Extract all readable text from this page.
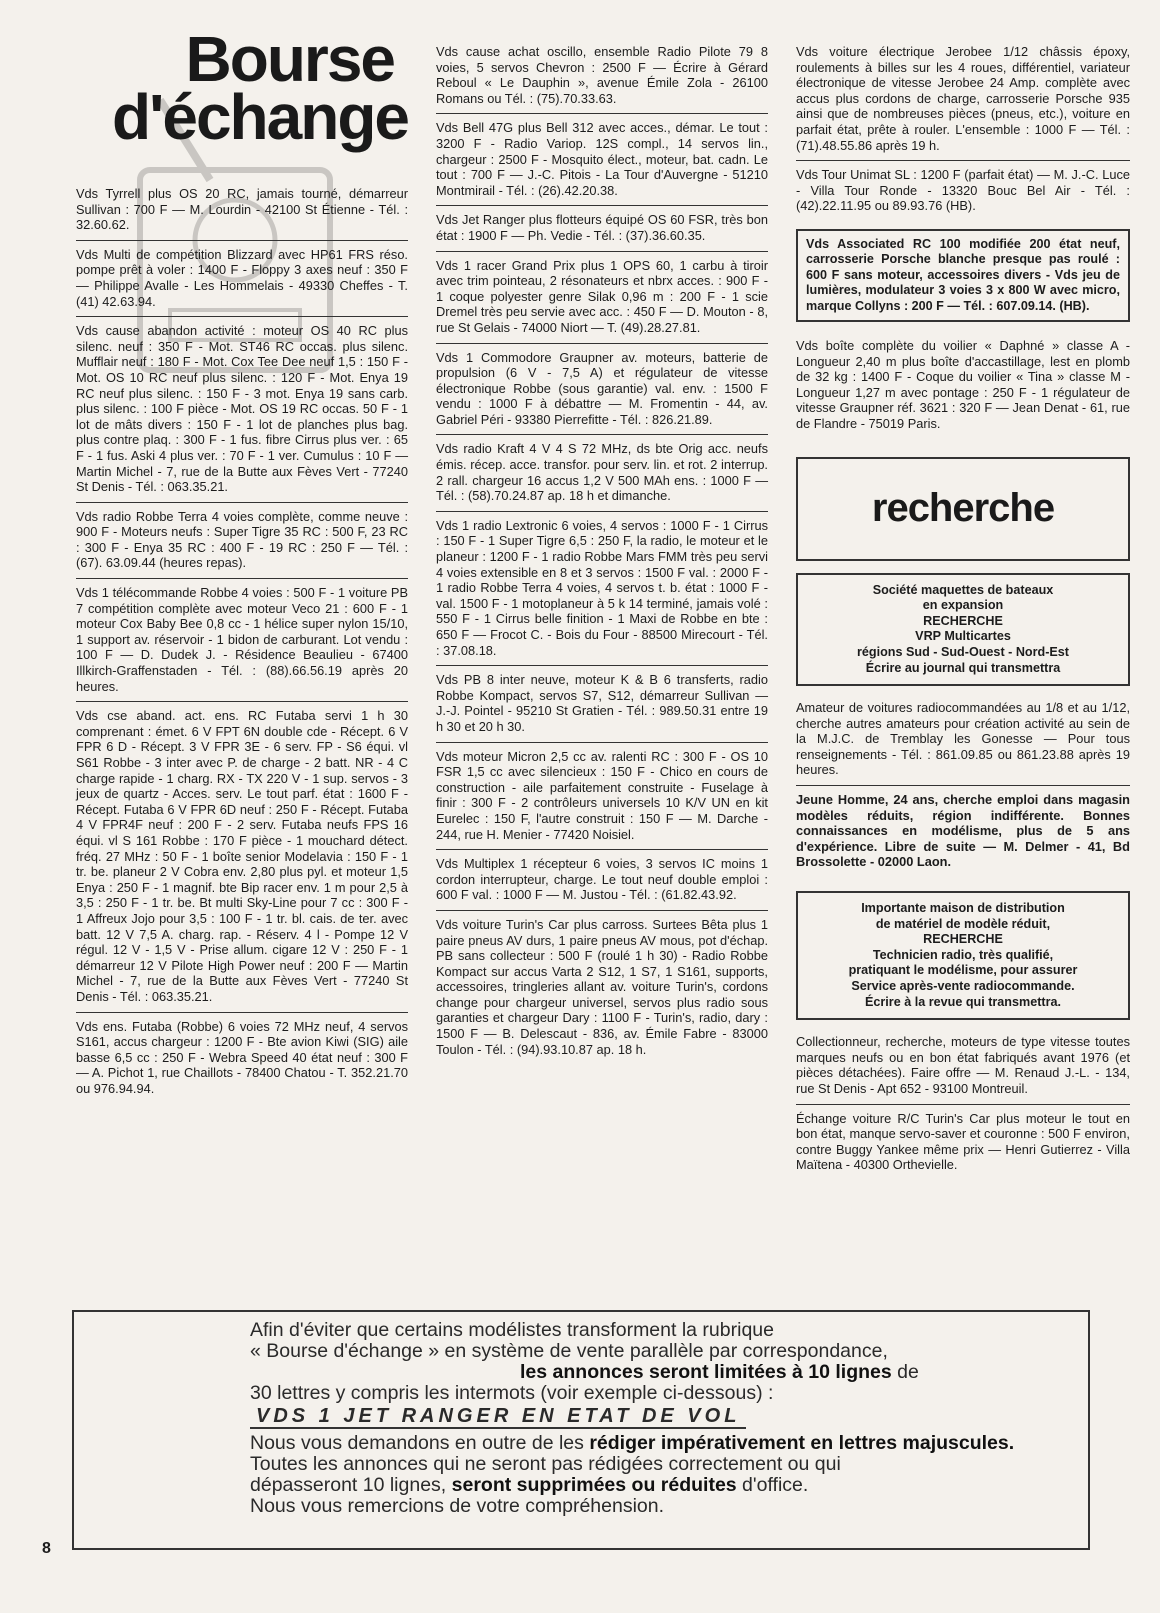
Bourse
d'échange
Vds Tyrrell plus OS 20 RC, jamais tourné, démarreur Sullivan : 700 F — M. Lourdin - 42100 St Étienne - Tél. : 32.60.62.
Vds Multi de compétition Blizzard avec HP61 FRS réso. pompe prêt à voler : 1400 F - Floppy 3 axes neuf : 350 F — Philippe Avalle - Les Hommelais - 49330 Cheffes - T. (41) 42.63.94.
Vds cause abandon activité : moteur OS 40 RC plus silenc. neuf : 350 F - Mot. ST46 RC occas. plus silenc. Mufflair neuf : 180 F - Mot. Cox Tee Dee neuf 1,5 : 150 F - Mot. OS 10 RC neuf plus silenc. : 120 F - Mot. Enya 19 RC neuf plus silenc. : 150 F - 3 mot. Enya 19 sans carb. plus silenc. : 100 F pièce - Mot. OS 19 RC occas. 50 F - 1 lot de mâts divers : 150 F - 1 lot de planches plus bag. plus contre plaq. : 300 F - 1 fus. fibre Cirrus plus ver. : 65 F - 1 fus. Aski 4 plus ver. : 70 F - 1 ver. Cumulus : 10 F — Martin Michel - 7, rue de la Butte aux Fèves Vert - 77240 St Denis - Tél. : 063.35.21.
Vds radio Robbe Terra 4 voies complète, comme neuve : 900 F - Moteurs neufs : Super Tigre 35 RC : 500 F, 23 RC : 300 F - Enya 35 RC : 400 F - 19 RC : 250 F — Tél. : (67). 63.09.44 (heures repas).
Vds 1 télécommande Robbe 4 voies : 500 F - 1 voiture PB 7 compétition complète avec moteur Veco 21 : 600 F - 1 moteur Cox Baby Bee 0,8 cc - 1 hélice super nylon 15/10, 1 support av. réservoir - 1 bidon de carburant. Lot vendu : 100 F — D. Dudek J. - Résidence Beaulieu - 67400 Illkirch-Graffenstaden - Tél. : (88).66.56.19 après 20 heures.
Vds cse aband. act. ens. RC Futaba servi 1 h 30 comprenant : émet. 6 V FPT 6N double cde - Récept. 6 V FPR 6 D - Récept. 3 V FPR 3E - 6 serv. FP - S6 équi. vl S61 Robbe - 3 inter avec P. de charge - 2 batt. NR - 4 C charge rapide - 1 charg. RX - TX 220 V - 1 sup. servos - 3 jeux de quartz - Acces. serv. Le tout parf. état : 1600 F - Récept. Futaba 6 V FPR 6D neuf : 250 F - Récept. Futaba 4 V FPR4F neuf : 200 F - 2 serv. Futaba neufs FPS 16 équi. vl S 161 Robbe : 170 F pièce - 1 mouchard détect. fréq. 27 MHz : 50 F - 1 boîte senior Modelavia : 150 F - 1 tr. be. planeur 2 V Cobra env. 2,80 plus pyl. et moteur 1,5 Enya : 250 F - 1 magnif. bte Bip racer env. 1 m pour 2,5 à 3,5 : 250 F - 1 tr. be. Bt multi Sky-Line pour 7 cc : 300 F - 1 Affreux Jojo pour 3,5 : 100 F - 1 tr. bl. cais. de ter. avec batt. 12 V 7,5 A. charg. rap. - Réserv. 4 l - Pompe 12 V régul. 12 V - 1,5 V - Prise allum. cigare 12 V : 250 F - 1 démarreur 12 V Pilote High Power neuf : 200 F — Martin Michel - 7, rue de la Butte aux Fèves Vert - 77240 St Denis - Tél. : 063.35.21.
Vds ens. Futaba (Robbe) 6 voies 72 MHz neuf, 4 servos S161, accus chargeur : 1200 F - Bte avion Kiwi (SIG) aile basse 6,5 cc : 250 F - Webra Speed 40 état neuf : 300 F — A. Pichot 1, rue Chaillots - 78400 Chatou - T. 352.21.70 ou 976.94.94.
Vds cause achat oscillo, ensemble Radio Pilote 79 8 voies, 5 servos Chevron : 2500 F — Écrire à Gérard Reboul « Le Dauphin », avenue Émile Zola - 26100 Romans ou Tél. : (75).70.33.63.
Vds Bell 47G plus Bell 312 avec acces., démar. Le tout : 3200 F - Radio Variop. 12S compl., 14 servos lin., chargeur : 2500 F - Mosquito élect., moteur, bat. cadn. Le tout : 700 F — J.-C. Pitois - La Tour d'Auvergne - 51210 Montmirail - Tél. : (26).42.20.38.
Vds Jet Ranger plus flotteurs équipé OS 60 FSR, très bon état : 1900 F — Ph. Vedie - Tél. : (37).36.60.35.
Vds 1 racer Grand Prix plus 1 OPS 60, 1 carbu à tiroir avec trim pointeau, 2 résonateurs et nbrx acces. : 900 F - 1 coque polyester genre Silak 0,96 m : 200 F - 1 scie Dremel très peu servie avec acc. : 450 F — D. Mouton - 8, rue St Gelais - 74000 Niort — T. (49).28.27.81.
Vds 1 Commodore Graupner av. moteurs, batterie de propulsion (6 V - 7,5 A) et régulateur de vitesse électronique Robbe (sous garantie) val. env. : 1500 F vendu : 1000 F à débattre — M. Fromentin - 44, av. Gabriel Péri - 93380 Pierrefitte - Tél. : 826.21.89.
Vds radio Kraft 4 V 4 S 72 MHz, ds bte Orig acc. neufs émis. récep. acce. transfor. pour serv. lin. et rot. 2 interrup. 2 rall. chargeur 16 accus 1,2 V 500 MAh ens. : 1000 F — Tél. : (58).70.24.87 ap. 18 h et dimanche.
Vds 1 radio Lextronic 6 voies, 4 servos : 1000 F - 1 Cirrus : 150 F - 1 Super Tigre 6,5 : 250 F, la radio, le moteur et le planeur : 1200 F - 1 radio Robbe Mars FMM très peu servi 4 voies extensible en 8 et 3 servos : 1500 F val. : 2000 F - 1 radio Robbe Terra 4 voies, 4 servos t. b. état : 1000 F - val. 1500 F - 1 motoplaneur à 5 k 14 terminé, jamais volé : 550 F - 1 Cirrus belle finition - 1 Maxi de Robbe en bte : 650 F — Frocot C. - Bois du Four - 88500 Mirecourt - Tél. : 37.08.18.
Vds PB 8 inter neuve, moteur K & B 6 transferts, radio Robbe Kompact, servos S7, S12, démarreur Sullivan — J.-J. Pointel - 95210 St Gratien - Tél. : 989.50.31 entre 19 h 30 et 20 h 30.
Vds moteur Micron 2,5 cc av. ralenti RC : 300 F - OS 10 FSR 1,5 cc avec silencieux : 150 F - Chico en cours de construction - aile parfaitement construite - Fuselage à finir : 300 F - 2 contrôleurs universels 10 K/V UN en kit Eurelec : 150 F, l'autre construit : 150 F — M. Darche - 244, rue H. Menier - 77420 Noisiel.
Vds Multiplex 1 récepteur 6 voies, 3 servos IC moins 1 cordon interrupteur, charge. Le tout neuf double emploi : 600 F val. : 1000 F — M. Justou - Tél. : (61.82.43.92.
Vds voiture Turin's Car plus carross. Surtees Bêta plus 1 paire pneus AV durs, 1 paire pneus AV mous, pot d'échap. PB sans collecteur : 500 F (roulé 1 h 30) - Radio Robbe Kompact sur accus Varta 2 S12, 1 S7, 1 S161, supports, accessoires, tringleries allant av. voiture Turin's, cordons change pour chargeur universel, servos plus radio sous garanties et chargeur Dary : 1100 F - Turin's, radio, dary : 1500 F — B. Delescaut - 836, av. Émile Fabre - 83000 Toulon - Tél. : (94).93.10.87 ap. 18 h.
Vds voiture électrique Jerobee 1/12 châssis époxy, roulements à billes sur les 4 roues, différentiel, variateur électronique de vitesse Jerobee 24 Amp. complète avec accus plus cordons de charge, carrosserie Porsche 935 ainsi que de nombreuses pièces (pneus, etc.), voiture en parfait état, prête à rouler. L'ensemble : 1000 F — Tél. : (71).48.55.86 après 19 h.
Vds Tour Unimat SL : 1200 F (parfait état) — M. J.-C. Luce - Villa Tour Ronde - 13320 Bouc Bel Air - Tél. : (42).22.11.95 ou 89.93.76 (HB).
Vds Associated RC 100 modifiée 200 état neuf, carrosserie Porsche blanche presque pas roulé : 600 F sans moteur, accessoires divers - Vds jeu de lumières, modulateur 3 voies 3 x 800 W avec micro, marque Collyns : 200 F — Tél. : 607.09.14. (HB).
Vds boîte complète du voilier « Daphné » classe A - Longueur 2,40 m plus boîte d'accastillage, lest en plomb de 32 kg : 1400 F - Coque du voilier « Tina » classe M - Longueur 1,27 m avec pontage : 250 F - 1 régulateur de vitesse Graupner réf. 3621 : 320 F — Jean Denat - 61, rue de Flandre - 75019 Paris.
recherche
Société maquettes de bateaux
en expansion
RECHERCHE
VRP Multicartes
régions Sud - Sud-Ouest - Nord-Est
Écrire au journal qui transmettra
Amateur de voitures radiocommandées au 1/8 et au 1/12, cherche autres amateurs pour création activité au sein de la M.J.C. de Tremblay les Gonesse — Pour tous renseignements - Tél. : 861.09.85 ou 861.23.88 après 19 heures.
Jeune Homme, 24 ans, cherche emploi dans magasin modèles réduits, région indifférente. Bonnes connaissances en modélisme, plus de 5 ans d'expérience. Libre de suite — M. Delmer - 41, Bd Brossolette - 02000 Laon.
Importante maison de distribution
de matériel de modèle réduit,
RECHERCHE
Technicien radio, très qualifié,
pratiquant le modélisme, pour assurer
Service après-vente radiocommande.
Écrire à la revue qui transmettra.
Collectionneur, recherche, moteurs de type vitesse toutes marques neufs ou en bon état fabriqués avant 1976 (et pièces détachées). Faire offre — M. Renaud J.-L. - 134, rue St Denis - Apt 652 - 93100 Montreuil.
Échange voiture R/C Turin's Car plus moteur le tout en bon état, manque servo-saver et couronne : 500 F environ, contre Buggy Yankee même prix — Henri Gutierrez - Villa Maïtena - 40300 Orthevielle.

Afin d'éviter que certains modélistes transforment la rubrique

« Bourse d'échange » en système de vente parallèle par correspondance,

les annonces seront limitées à 10 lignes de

30 lettres y compris les intermots (voir exemple ci-dessous) :

VDS 1 JET RANGER EN ETAT DE VOL

Nous vous demandons en outre de les rédiger impérativement en lettres majuscules.

Toutes les annonces qui ne seront pas rédigées correctement ou qui

dépasseront 10 lignes, seront supprimées ou réduites d'office.

Nous vous remercions de votre compréhension.

8
